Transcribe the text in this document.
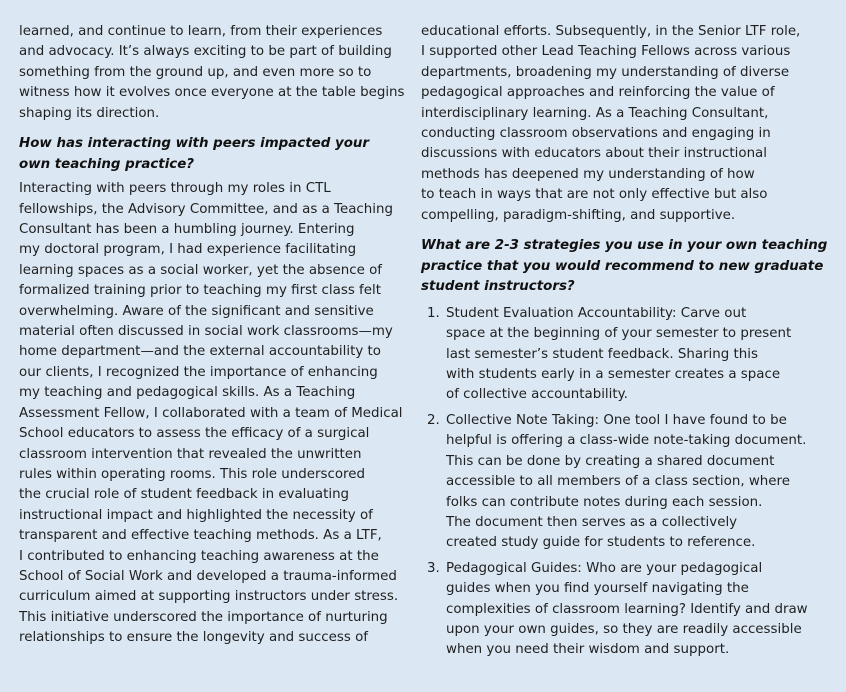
learned, and continue to learn, from their experiences
and advocacy. It’s always exciting to be part of building
something from the ground up, and even more so to
witness how it evolves once everyone at the table begins
shaping its direction.

How has interacting with peers impacted your
own teaching practice?

Interacting with peers through my roles in CTL
fellowships, the Advisory Committee, and as a Teaching
Consultant has been a humbling journey. Entering
my doctoral program, I had experience facilitating
learning spaces as a social worker, yet the absence of
formalized training prior to teaching my first class felt
overwhelming. Aware of the significant and sensitive
material often discussed in social work classrooms—my
home department—and the external accountability to
our clients, I recognized the importance of enhancing
my teaching and pedagogical skills. As a Teaching
Assessment Fellow, I collaborated with a team of Medical
School educators to assess the efficacy of a surgical
classroom intervention that revealed the unwritten
rules within operating rooms. This role underscored
the crucial role of student feedback in evaluating
instructional impact and highlighted the necessity of
transparent and effective teaching methods. As a LTF,
I contributed to enhancing teaching awareness at the
School of Social Work and developed a trauma-informed
curriculum aimed at supporting instructors under stress.
This initiative underscored the importance of nurturing
relationships to ensure the longevity and success of

educational efforts. Subsequently, in the Senior LTF role,
I supported other Lead Teaching Fellows across various
departments, broadening my understanding of diverse
pedagogical approaches and reinforcing the value of
interdisciplinary learning. As a Teaching Consultant,
conducting classroom observations and engaging in
discussions with educators about their instructional
methods has deepened my understanding of how
to teach in ways that are not only effective but also
compelling, paradigm-shifting, and supportive.

What are 2-3 strategies you use in your own teaching
practice that you would recommend to new graduate
student instructors?

1. Student Evaluation Accountability: Carve out
space at the beginning of your semester to present
last semester’s student feedback. Sharing this
with students early in a semester creates a space
of collective accountability.
2. Collective Note Taking: One tool I have found to be
helpful is offering a class-wide note-taking document.
This can be done by creating a shared document
accessible to all members of a class section, where
folks can contribute notes during each session.
The document then serves as a collectively
created study guide for students to reference.
3. Pedagogical Guides: Who are your pedagogical
guides when you find yourself navigating the
complexities of classroom learning? Identify and draw
upon your own guides, so they are readily accessible
when you need their wisdom and support.
